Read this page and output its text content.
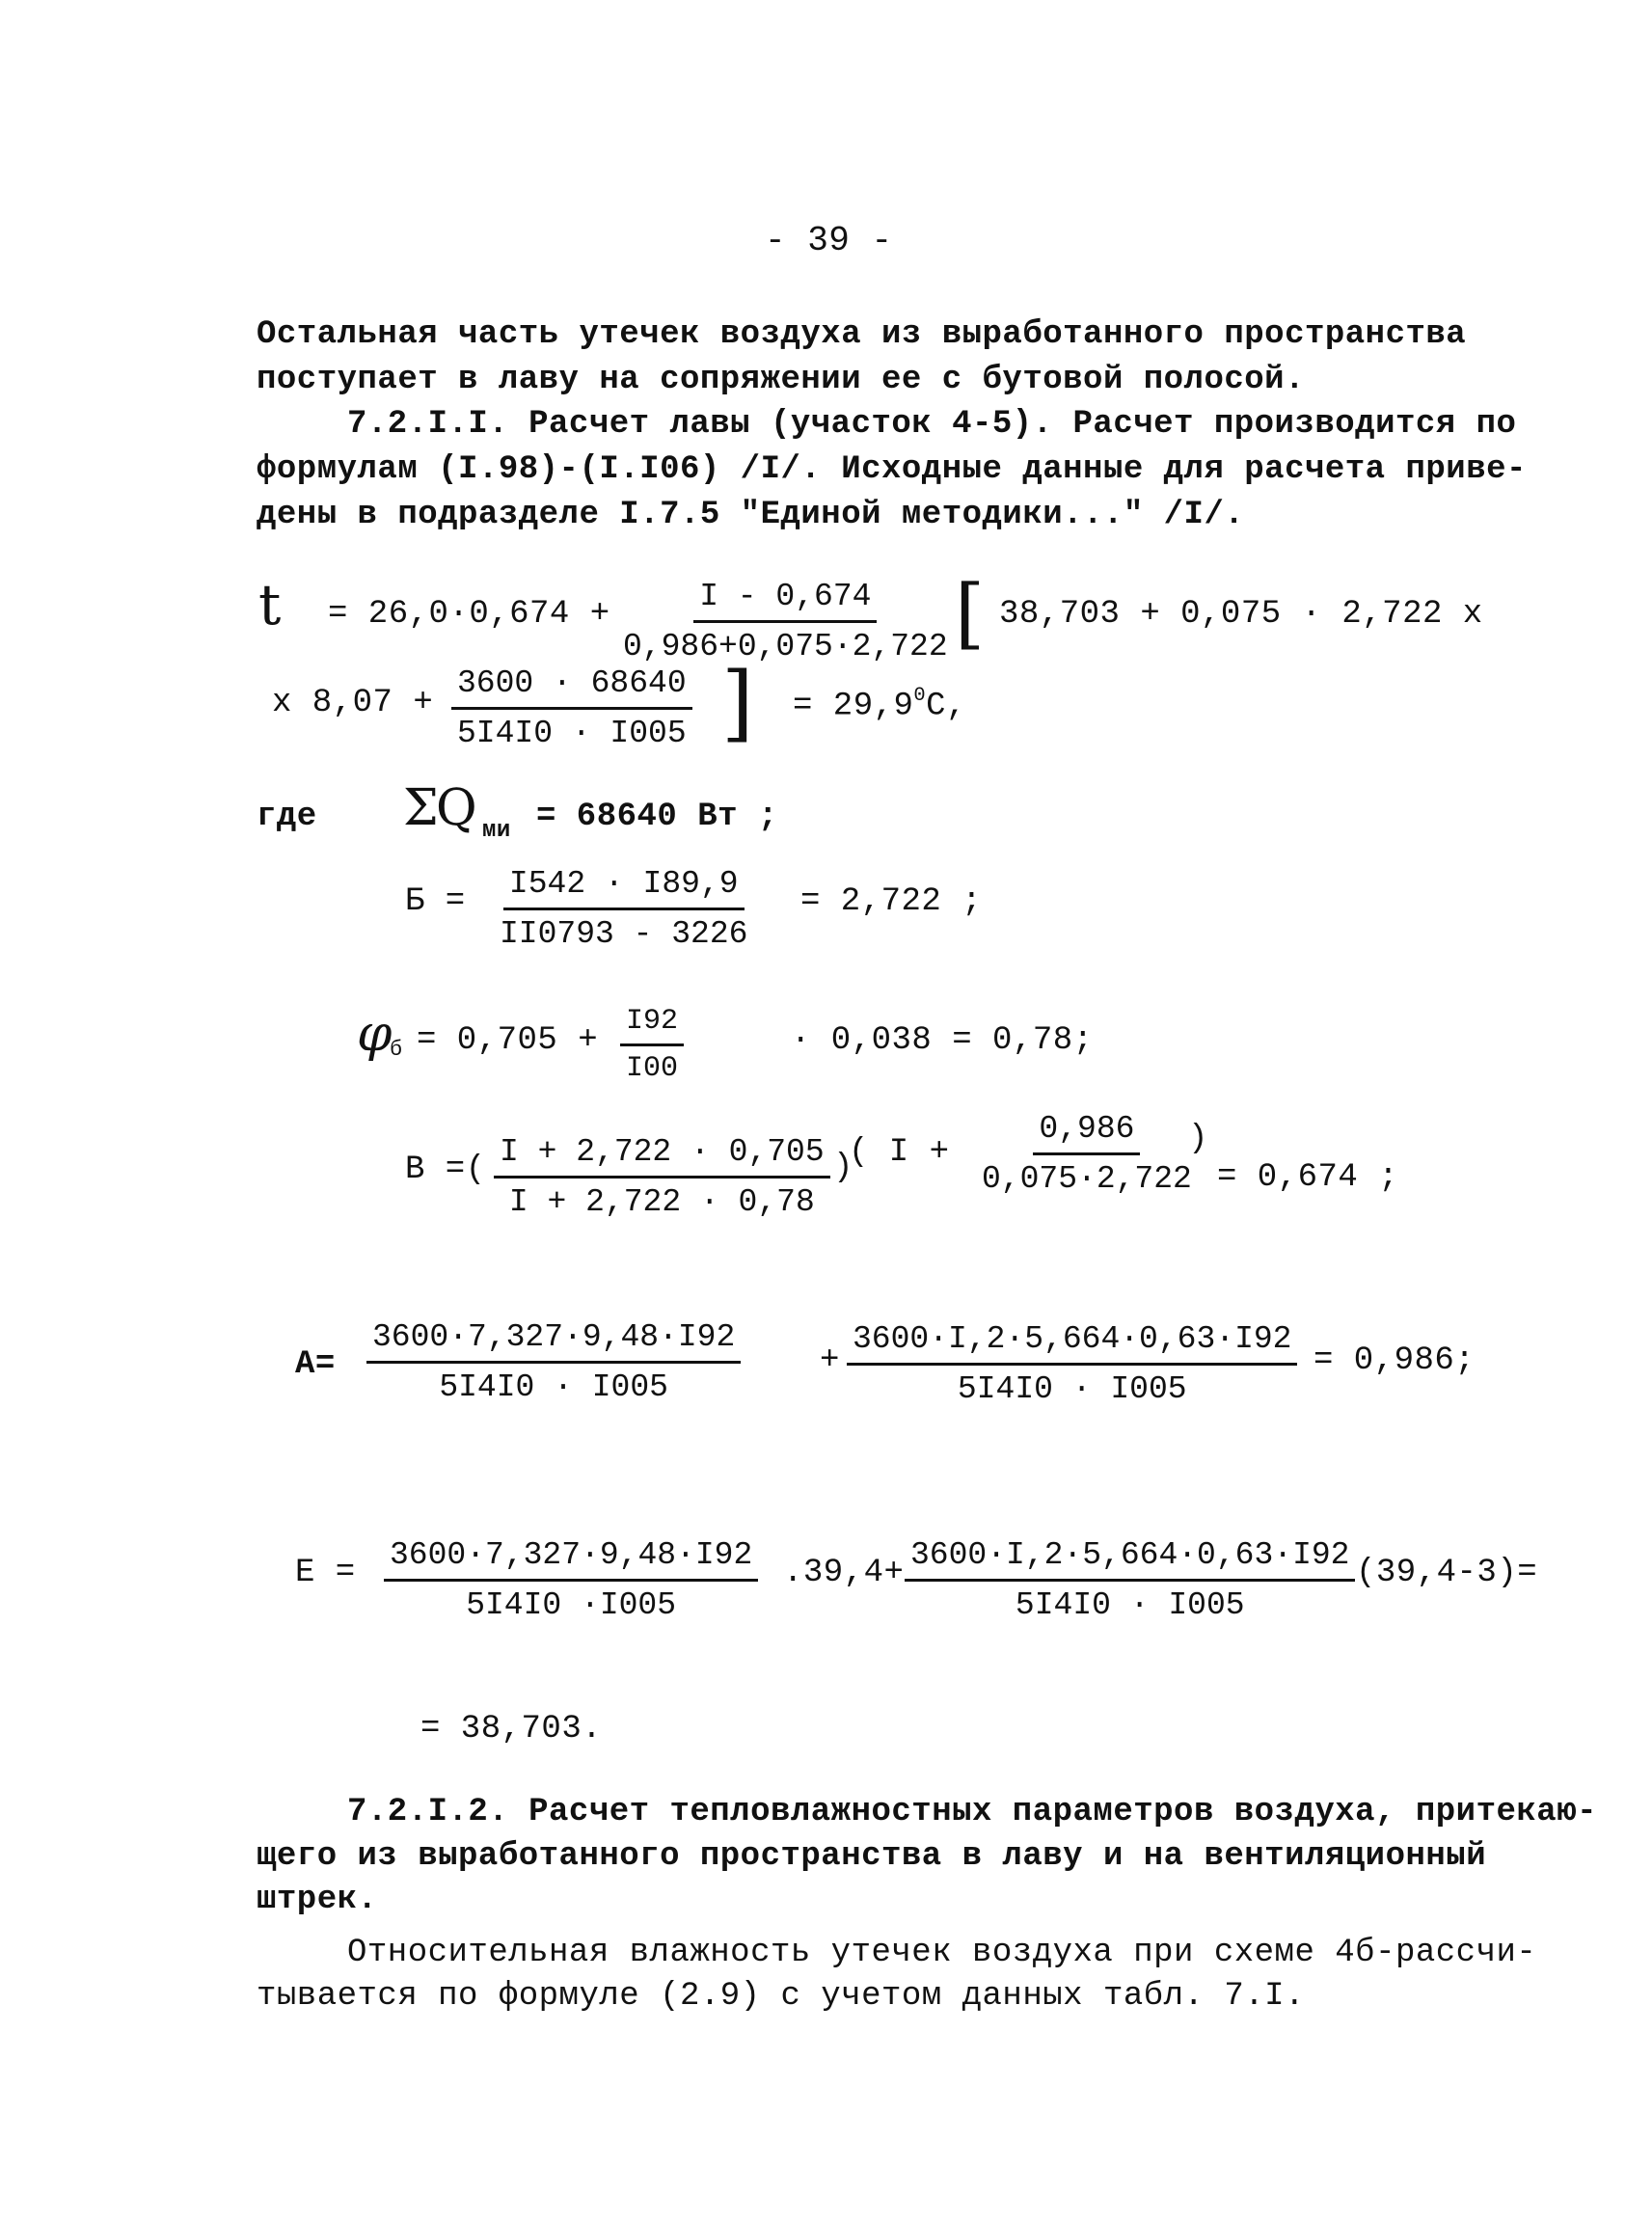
- 39 -
Остальная часть утечек воздуха из выработанного пространства
поступает в лаву на сопряжении ее с бутовой полосой.
7.2.I.I. Расчет лавы (участок 4-5). Расчет производится по
формулам (I.98)-(I.I06) /I/. Исходные данные для расчета приве-
дены в подразделе I.7.5 "Единой методики..." /I/.
$t = 26,0\cdot 0,674 + \frac{I - 0,674}{0,986+0,075\cdot 2,722}$ [ 38,703 + 0,075 · 2,722 x
x $8,07 + \frac{3600 \cdot 68640}{5I4I0 \cdot I005}$ ] = $29,9^0С$,
где Σ
Q ми = 68640 Вт ;
$Б = \frac{I542 \cdot I89,9}{II0793 - 3226} = 2,722$ ;
φ
$б = 0,705 + \frac{I92}{I00}$	· 0,038 = 0,78;
В =( $\frac{I + 2,722 \cdot 0,705}{I + 2,722 \cdot 0,78}$ )
( $I + \frac{0,986}{0,075\cdot 2,722}$
)
= 0,674 ;
$А= \frac{3600\cdot 7,327\cdot 9,48\cdot I92}{5I4I0 \cdot I005} + \frac{3600\cdot I,2\cdot 5,664\cdot 0,63\cdot I92}{5I4I0 \cdot I005} = 0,986$;
$Е = \frac{3600\cdot 7,327\cdot 9,48\cdot I92}{5I4I0 \cdot I005} .39,4+ \frac{3600\cdot I,2\cdot 5,664\cdot 0,63\cdot I92}{5I4I0 \cdot I005} (39,4-3)=$
= 38,703.
7.2.I.2. Расчет тепловлажностных параметров воздуха, притекаю-
щего из выработанного пространства в лаву и на вентиляционный
штрек.
Относительная влажность утечек воздуха при схеме 4б-рассчи-
тывается по формуле (2.9) с учетом данных табл. 7.I.
